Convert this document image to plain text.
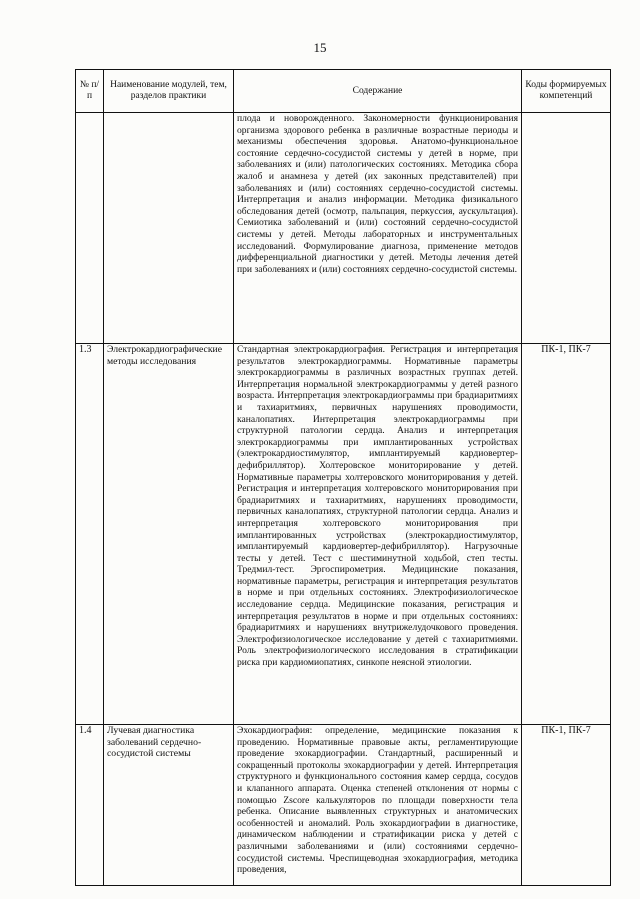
15
№ п/п	Наименование модулей, тем, разделов практики	Содержание	Коды формируемых компетенций
		плода и новорожденного. Закономерности функционирования организма здорового ребенка в различные возрастные периоды и механизмы обеспечения здоровья. Анатомо-функциональное состояние сердечно-сосудистой системы у детей в норме, при заболеваниях и (или) патологических состояниях. Методика сбора жалоб и анамнеза у детей (их законных представителей) при заболеваниях и (или) состояниях сердечно-сосудистой системы. Интерпретация и анализ информации. Методика физикального обследования детей (осмотр, пальпация, перкуссия, аускультация). Семиотика заболеваний и (или) состояний сердечно-сосудистой системы у детей. Методы лабораторных и инструментальных исследований. Формулирование диагноза, применение методов дифференциальной диагностики у детей. Методы лечения детей при заболеваниях и (или) состояниях сердечно-сосудистой системы.	
1.3	Электрокардиографические методы исследования	Стандартная электрокардиография. Регистрация и интерпретация результатов электрокардиограммы. Нормативные параметры электрокардиограммы в различных возрастных группах детей. Интерпретация нормальной электрокардиограммы у детей разного возраста. Интерпретация электрокардиограммы при брадиаритмиях и тахиаритмиях, первичных нарушениях проводимости, каналопатиях. Интерпретация электрокардиограммы при структурной патологии сердца. Анализ и интерпретация электрокардиограммы при имплантированных устройствах (электрокардиостимулятор, имплантируемый кардиовертер-дефибриллятор). Холтеровское мониторирование у детей. Нормативные параметры холтеровского мониторирования у детей. Регистрация и интерпретация холтеровского мониторирования при брадиаритмиях и тахиаритмиях, нарушениях проводимости, первичных каналопатиях, структурной патологии сердца. Анализ и интерпретация холтеровского мониторирования при имплантированных устройствах (электрокардиостимулятор, имплантируемый кардиовертер-дефибриллятор). Нагрузочные тесты у детей. Тест с шестиминутной ходьбой, степ тесты. Тредмил-тест. Эргоспирометрия. Медицинские показания, нормативные параметры, регистрация и интерпретация результатов в норме и при отдельных состояниях. Электрофизиологическое исследование сердца. Медицинские показания, регистрация и интерпретация результатов в норме и при отдельных состояниях: брадиаритмиях и нарушениях внутрижелудочкового проведения. Электрофизиологическое исследование у детей с тахиаритмиями. Роль электрофизиологического исследования в стратификации риска при кардиомиопатиях, синкопе неясной этиологии.	ПК-1, ПК-7
1.4	Лучевая диагностика заболеваний сердечно-сосудистой системы	Эхокардиография: определение, медицинские показания к проведению. Нормативные правовые акты, регламентирующие проведение эхокардиографии. Стандартный, расширенный и сокращенный протоколы эхокардиографии у детей. Интерпретация структурного и функционального состояния камер сердца, сосудов и клапанного аппарата. Оценка степеней отклонения от нормы с помощью Zscore калькуляторов по площади поверхности тела ребенка. Описание выявленных структурных и анатомических особенностей и аномалий. Роль эхокардиографии в диагностике, динамическом наблюдении и стратификации риска у детей с различными заболеваниями и (или) состояниями сердечно-сосудистой системы. Чреспищеводная эхокардиография, методика проведения,	ПК-1, ПК-7
